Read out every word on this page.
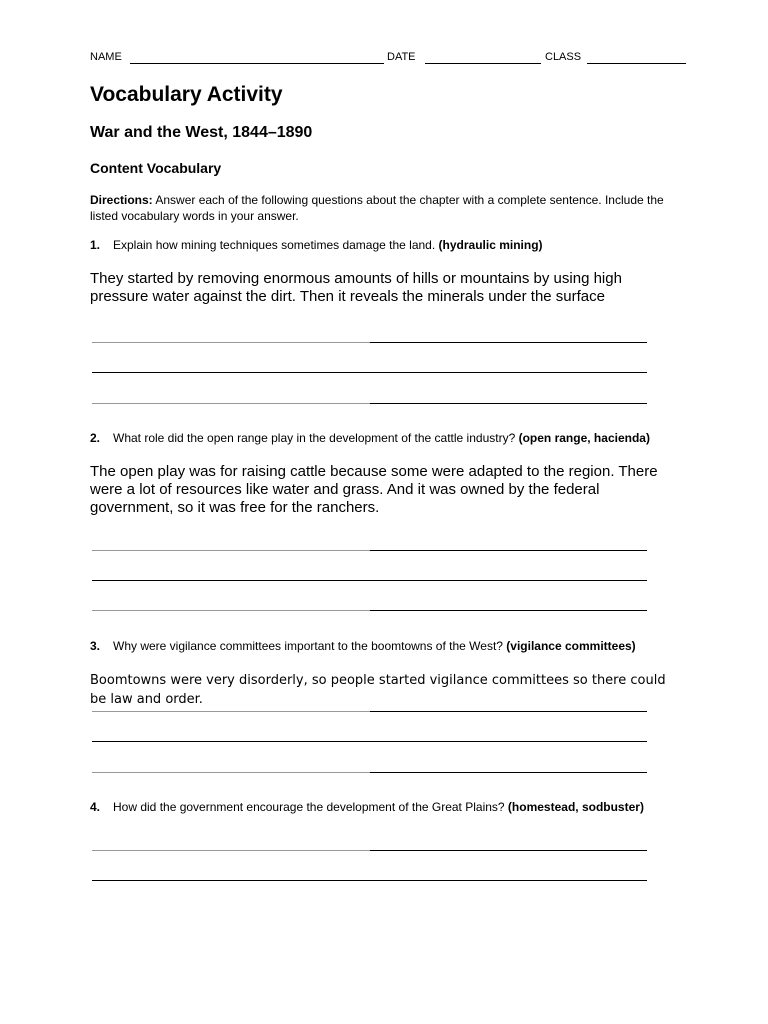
NAME	DATE	CLASS
Vocabulary Activity
War and the West, 1844–1890
Content Vocabulary
Directions: Answer each of the following questions about the chapter with a complete sentence. Include the listed vocabulary words in your answer.
1. Explain how mining techniques sometimes damage the land. (hydraulic mining)
They started by removing enormous amounts of hills or mountains by using high pressure water against the dirt. Then it reveals the minerals under the surface
2. What role did the open range play in the development of the cattle industry? (open range, hacienda)
The open play was for raising cattle because some were adapted to the region. There were a lot of resources like water and grass. And it was owned by the federal government, so it was free for the ranchers.
3. Why were vigilance committees important to the boomtowns of the West? (vigilance committees)
Boomtowns were very disorderly, so people started vigilance committees so there could be law and order.
4. How did the government encourage the development of the Great Plains? (homestead, sodbuster)
